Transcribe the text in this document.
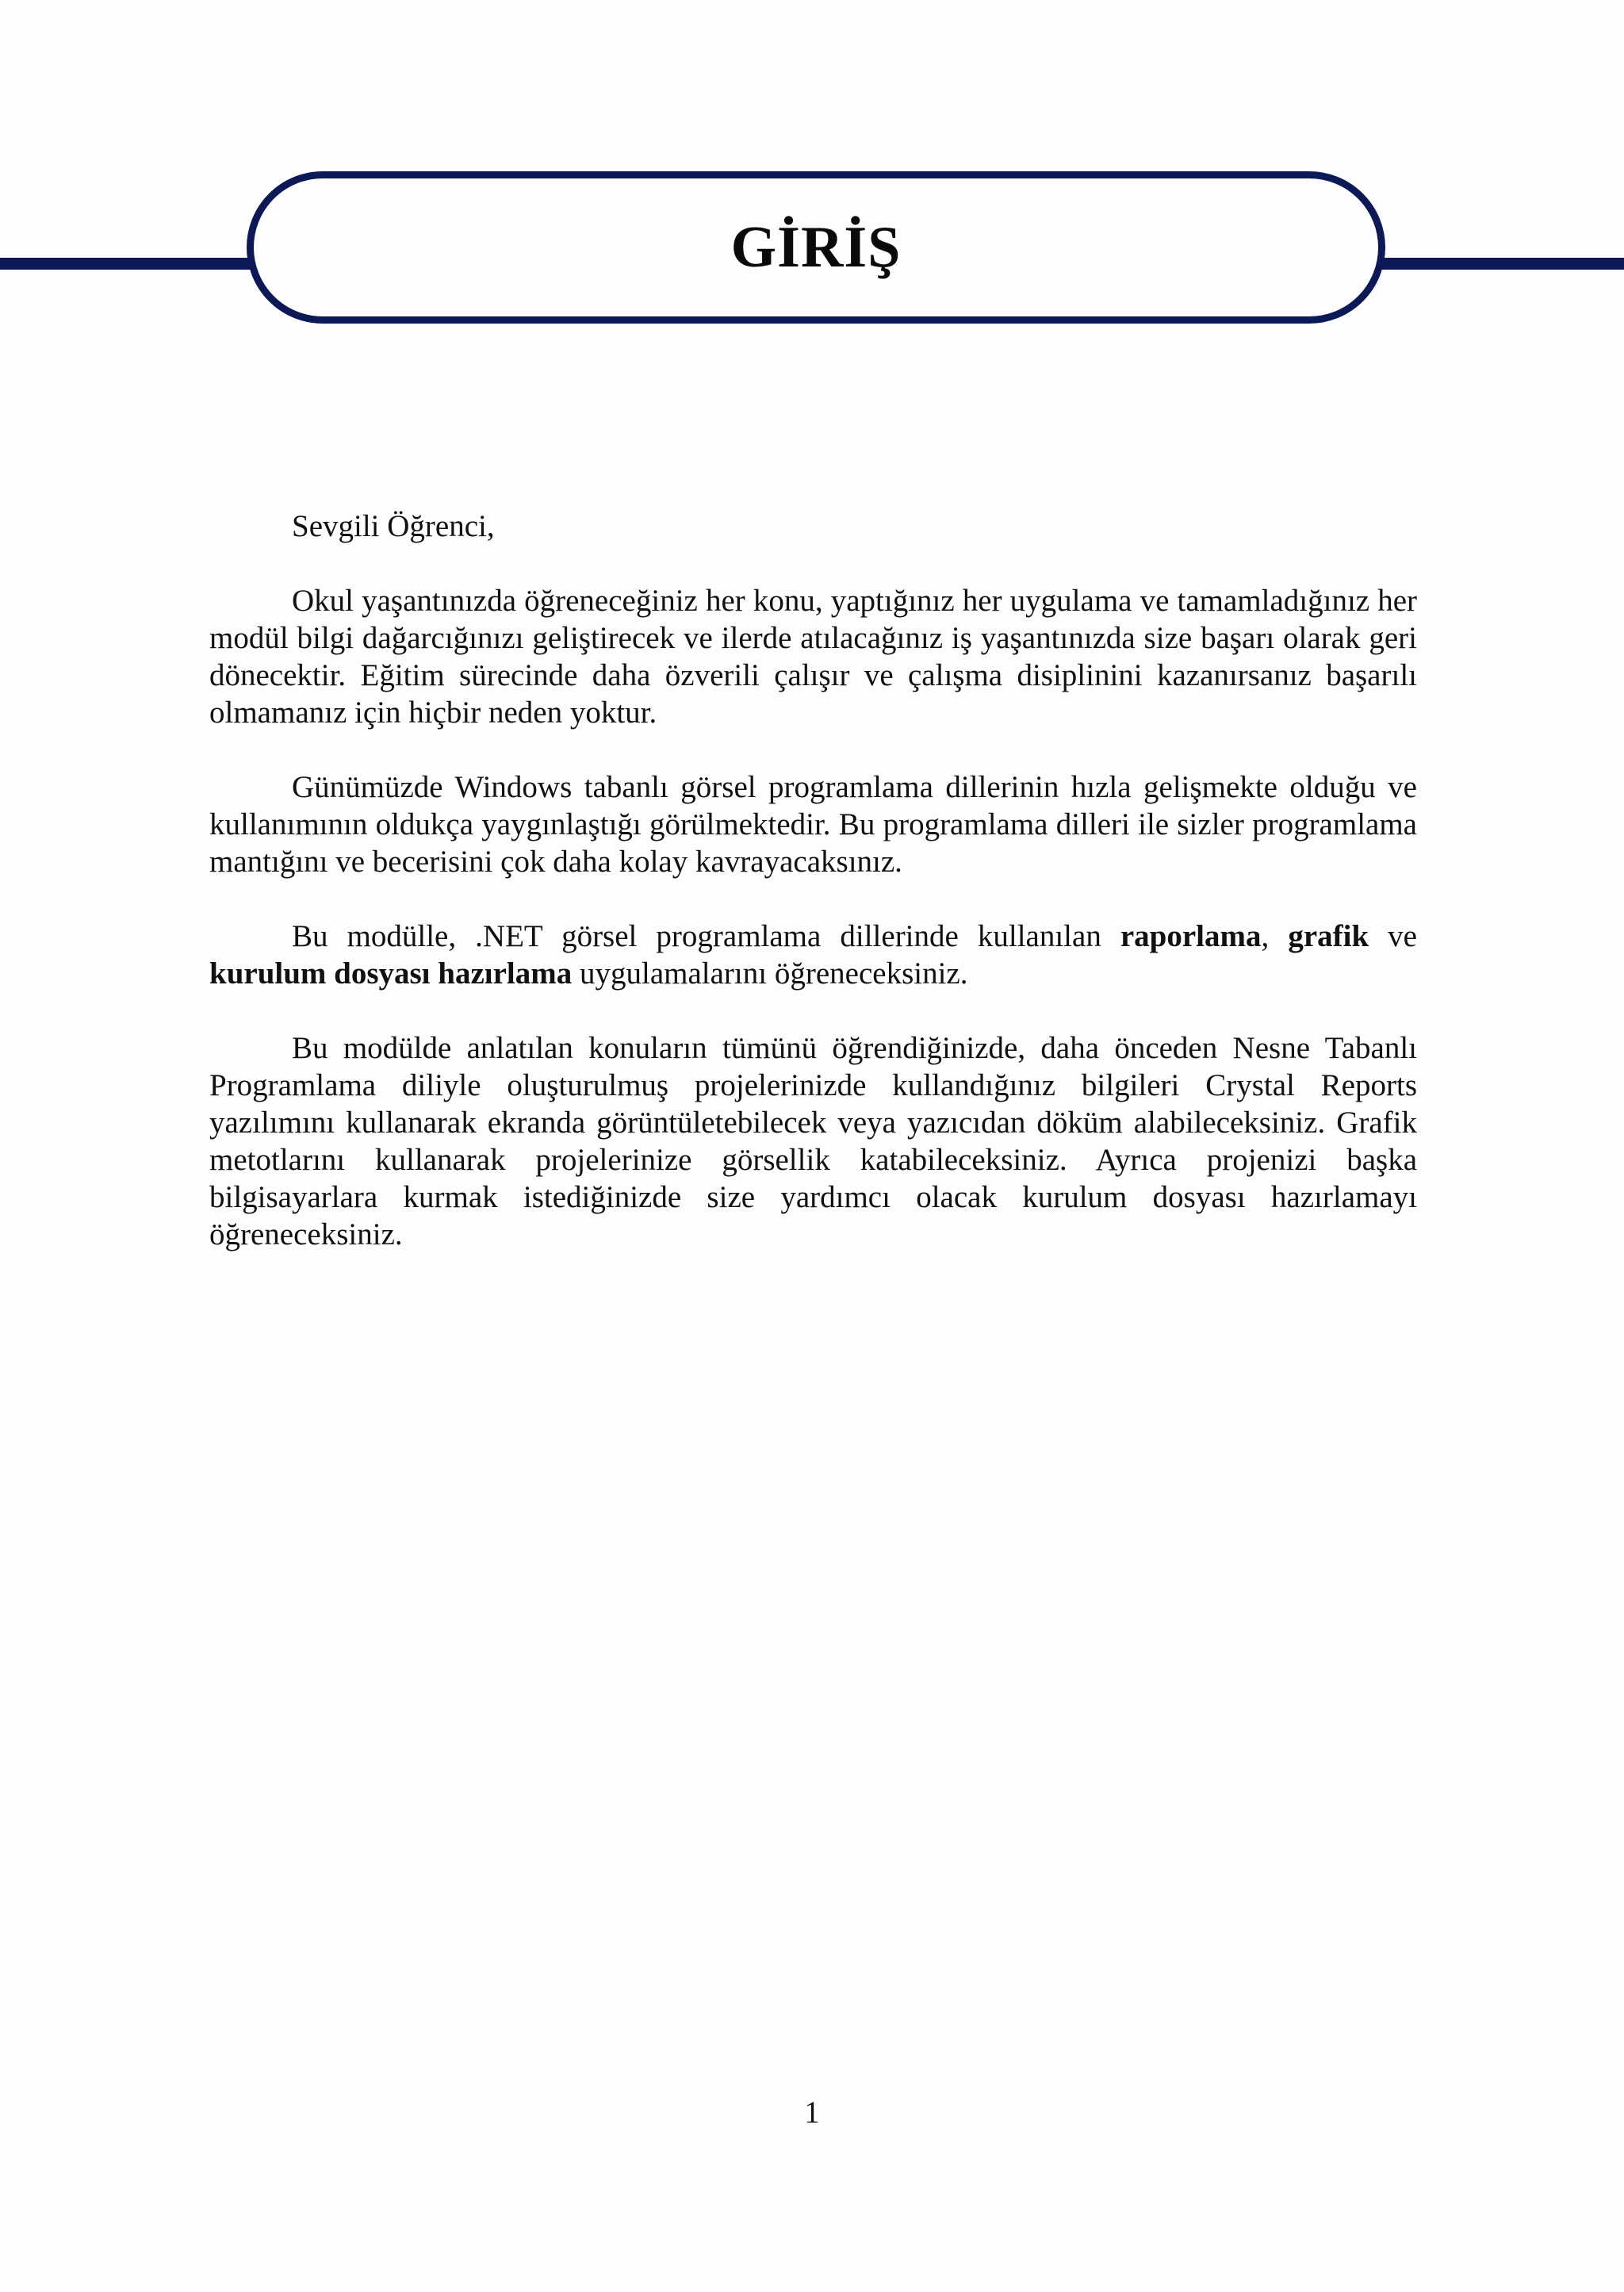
GİRİŞ

Sevgili Öğrenci,

Okul yaşantınızda öğreneceğiniz her konu, yaptığınız her uygulama ve tamamladığınız her modül bilgi dağarcığınızı geliştirecek ve ilerde atılacağınız iş yaşantınızda size başarı olarak geri dönecektir. Eğitim sürecinde daha özverili çalışır ve çalışma disiplinini kazanırsanız başarılı olmamanız için hiçbir neden yoktur.

Günümüzde Windows tabanlı görsel programlama dillerinin hızla gelişmekte olduğu ve kullanımının oldukça yaygınlaştığı görülmektedir. Bu programlama dilleri ile sizler programlama mantığını ve becerisini çok daha kolay kavrayacaksınız.

Bu modülle, .NET görsel programlama dillerinde kullanılan raporlama, grafik ve kurulum dosyası hazırlama uygulamalarını öğreneceksiniz.

Bu modülde anlatılan konuların tümünü öğrendiğinizde, daha önceden Nesne Tabanlı Programlama diliyle oluşturulmuş projelerinizde kullandığınız bilgileri Crystal Reports yazılımını kullanarak ekranda görüntületebilecek veya yazıcıdan döküm alabileceksiniz. Grafik metotlarını kullanarak projelerinize görsellik katabileceksiniz. Ayrıca projenizi başka bilgisayarlara kurmak istediğinizde size yardımcı olacak kurulum dosyası hazırlamayı öğreneceksiniz.

1
